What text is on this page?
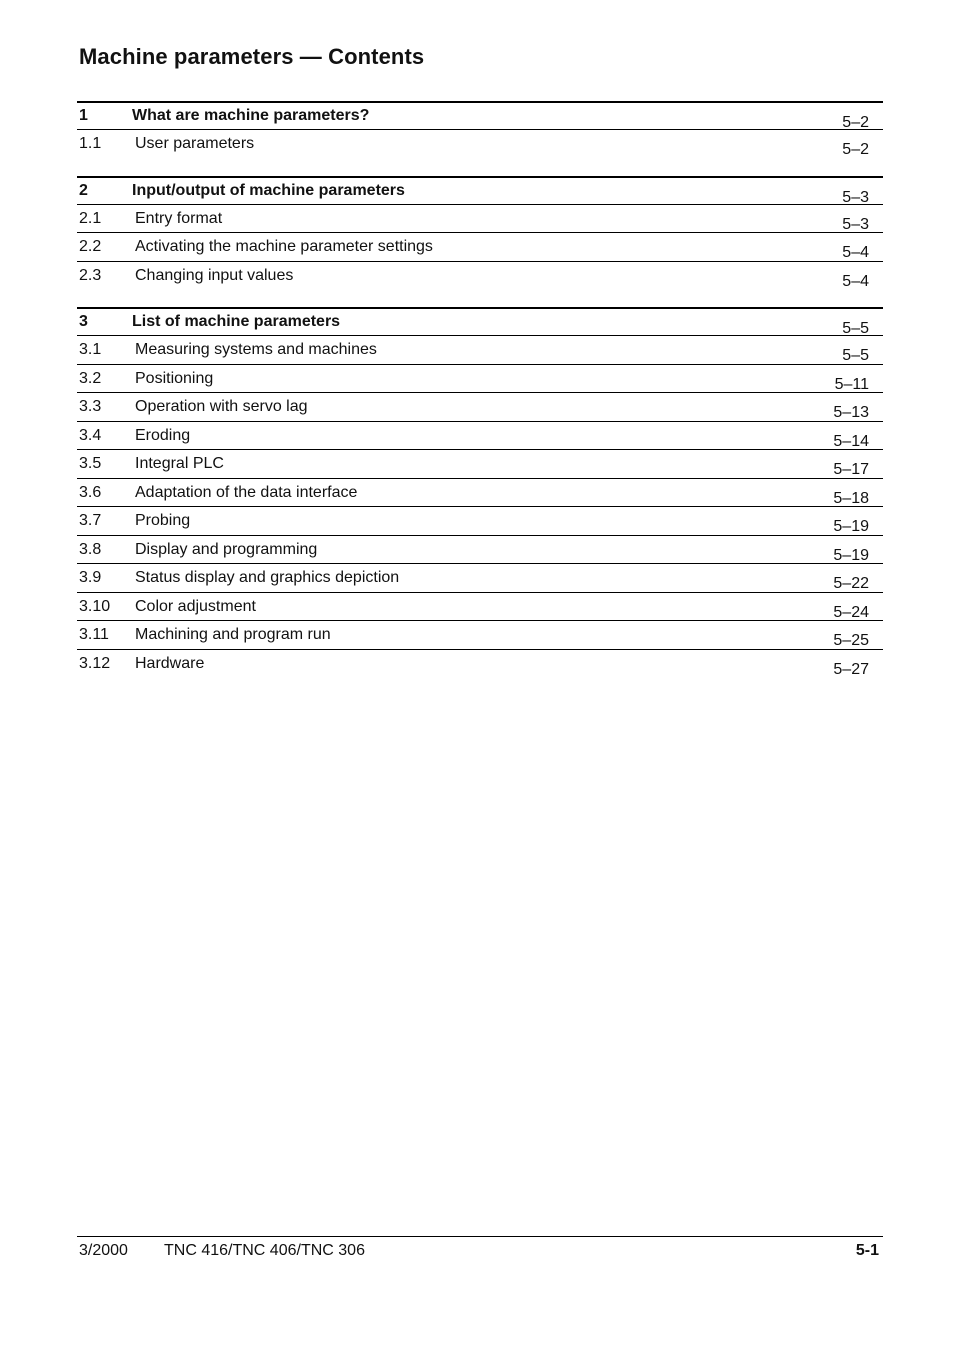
Machine parameters — Contents
1	What are machine parameters?	5–2
1.1 User parameters	5–2
2	Input/output of machine parameters	5–3
2.1 Entry format	5–3
2.2 Activating the machine parameter settings	5–4
2.3 Changing input values	5–4
3	List of machine parameters	5–5
3.1 Measuring systems and machines	5–5
3.2 Positioning	5–11
3.3 Operation with servo lag	5–13
3.4 Eroding	5–14
3.5 Integral PLC	5–17
3.6 Adaptation of the data interface	5–18
3.7 Probing	5–19
3.8 Display and programming	5–19
3.9 Status display and graphics depiction	5–22
3.10 Color adjustment	5–24
3.11 Machining and program run	5–25
3.12 Hardware	5–27
3/2000 TNC 416/TNC 406/TNC 306	5-1
